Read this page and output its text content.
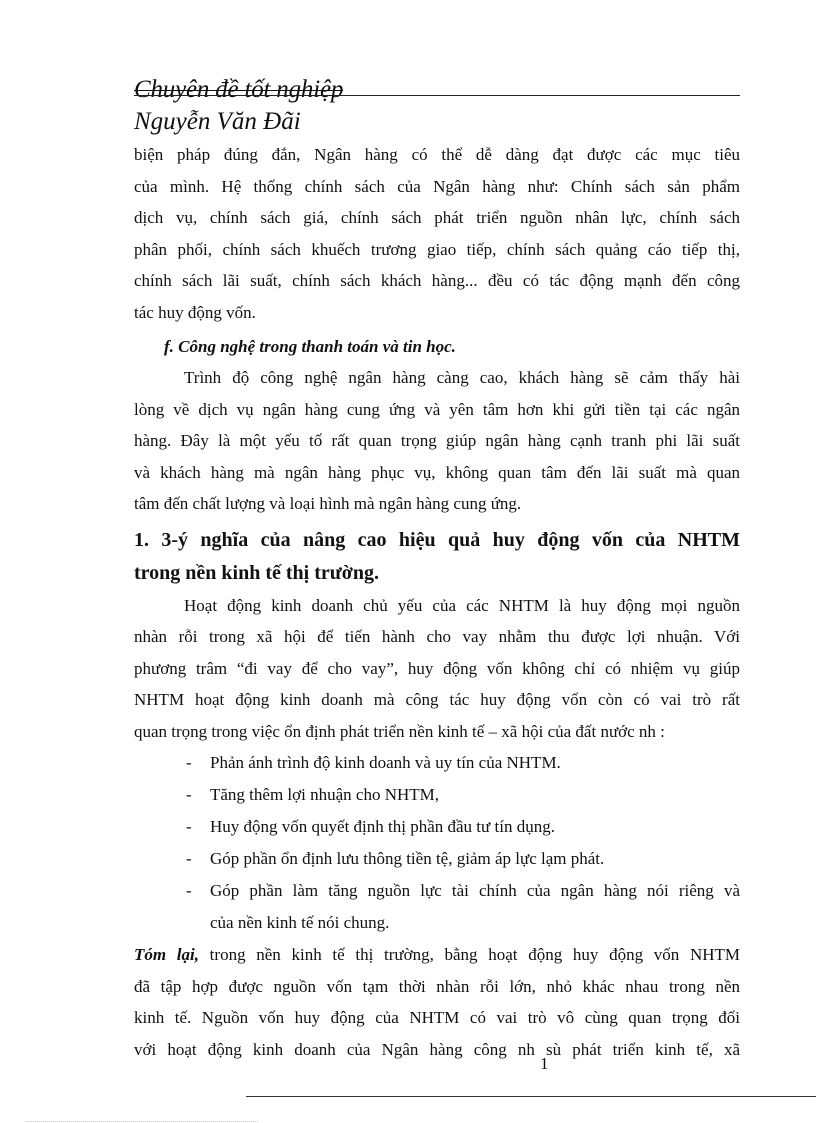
Chuyên đề tốt nghiệp
Nguyễn Văn Đãi

biện pháp đúng đắn, Ngân hàng có thể dễ dàng đạt được các mục tiêu

của mình. Hệ thống chính sách của Ngân hàng như: Chính sách sản phẩm

dịch vụ, chính sách giá, chính sách phát triển nguồn nhân lực, chính sách

phân phối, chính sách khuếch trương giao tiếp, chính sách quảng cáo tiếp thị,

chính sách lãi suất, chính sách khách hàng... đều có tác động mạnh đến công

tác huy động vốn.

f. Công nghệ trong thanh toán và tin học.

Trình độ công nghệ ngân hàng càng cao, khách hàng sẽ cảm thấy hài

lòng về dịch vụ ngân hàng cung ứng và yên tâm hơn khi gửi tiền tại các ngân

hàng. Đây là một yếu tố rất quan trọng giúp ngân hàng cạnh tranh phi lãi suất

và khách hàng mà ngân hàng phục vụ, không quan tâm đến lãi suất mà quan

tâm đến chất lượng và loại hình mà ngân hàng cung ứng.

1. 3-ý nghĩa của nâng cao hiệu quả huy động vốn của NHTM

trong nền kinh tế thị trường.

Hoạt động kinh doanh chủ yếu của các NHTM là huy động mọi nguồn

nhàn rỗi trong xã hội để tiến hành cho vay nhằm thu được lợi nhuận. Với

phương trâm “đi vay để cho vay”, huy động vốn không chỉ có nhiệm vụ giúp

NHTM hoạt động kinh doanh mà công tác huy động vốn còn có vai trò rất

quan trọng trong việc ổn định phát triển nền kinh tế – xã hội của đất nước nh :

- Phản ánh trình độ kinh doanh và uy tín của NHTM.
- Tăng thêm lợi nhuận cho NHTM,
- Huy động vốn quyết định thị phần đầu tư tín dụng.
- Góp phần ổn định lưu thông tiền tệ, giảm áp lực lạm phát.
- Góp phần làm tăng nguồn lực tài chính của ngân hàng nói riêng và
của nền kinh tế nói chung.

Tóm lại, trong nền kinh tế thị trường, bằng hoạt động huy động vốn NHTM

đã tập hợp được nguồn vốn tạm thời nhàn rỗi lớn, nhỏ khác nhau trong nền

kinh tế. Nguồn vốn huy động của NHTM có vai trò vô cùng quan trọng đối

với hoạt động kinh doanh của Ngân hàng công nh sù phát triển kinh tế, xã

1
